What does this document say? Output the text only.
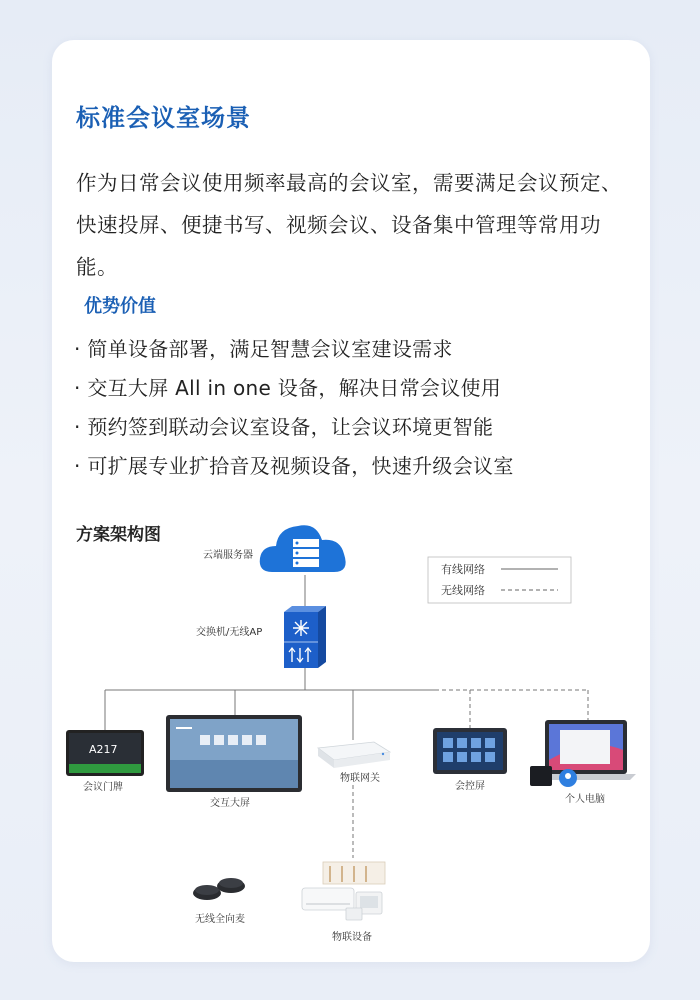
标准会议室场景
作为日常会议使用频率最高的会议室，需要满足会议预定、快速投屏、便捷书写、视频会议、设备集中管理等常用功能。
优势价值
· 简单设备部署，满足智慧会议室建设需求
· 交互大屏 All in one 设备，解决日常会议使用
· 预约签到联动会议室设备，让会议环境更智能
· 可扩展专业扩拾音及视频设备，快速升级会议室
方案架构图
云端服务器
交换机/无线AP
有线网络
无线网络
A217
会议门牌
交互大屏
物联网关
会控屏
个人电脑
无线全向麦
物联设备
